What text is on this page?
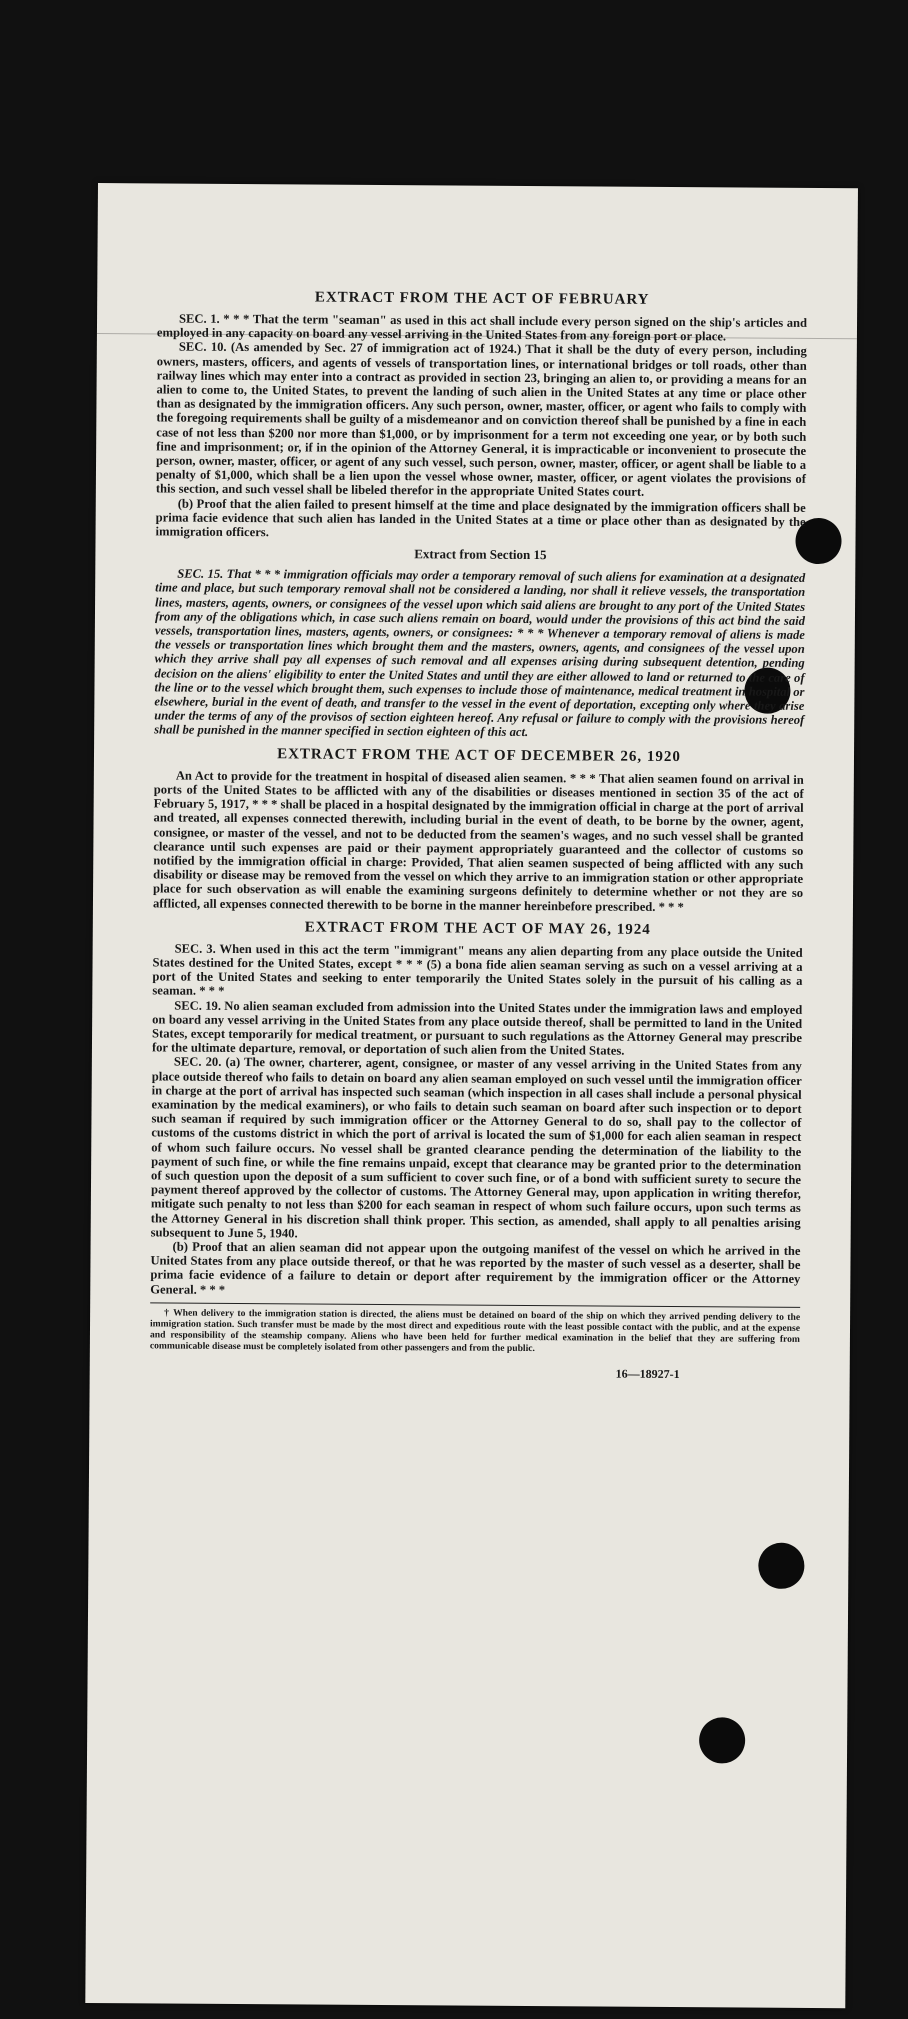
EXTRACT FROM THE ACT OF FEBRUARY

SEC. 1. * * * That the term "seaman" as used in this act shall include every person signed on the ship's articles and employed in any capacity on board any vessel arriving in the United States from any foreign port or place.

SEC. 10. (As amended by Sec. 27 of immigration act of 1924.) That it shall be the duty of every person, including owners, masters, officers, and agents of vessels of transportation lines, or international bridges or toll roads, other than railway lines which may enter into a contract as provided in section 23, bringing an alien to, or providing a means for an alien to come to, the United States, to prevent the landing of such alien in the United States at any time or place other than as designated by the immigration officers. Any such person, owner, master, officer, or agent who fails to comply with the foregoing requirements shall be guilty of a misdemeanor and on conviction thereof shall be punished by a fine in each case of not less than $200 nor more than $1,000, or by imprisonment for a term not exceeding one year, or by both such fine and imprisonment; or, if in the opinion of the Attorney General, it is impracticable or inconvenient to prosecute the person, owner, master, officer, or agent of any such vessel, such person, owner, master, officer, or agent shall be liable to a penalty of $1,000, which shall be a lien upon the vessel whose owner, master, officer, or agent violates the provisions of this section, and such vessel shall be libeled therefor in the appropriate United States court.

(b) Proof that the alien failed to present himself at the time and place designated by the immigration officers shall be prima facie evidence that such alien has landed in the United States at a time or place other than as designated by the immigration officers.

Extract from Section 15

SEC. 15. That * * * immigration officials may order a temporary removal of such aliens for examination at a designated time and place, but such temporary removal shall not be considered a landing, nor shall it relieve vessels, the transportation lines, masters, agents, owners, or consignees of the vessel upon which said aliens are brought to any port of the United States from any of the obligations which, in case such aliens remain on board, would under the provisions of this act bind the said vessels, transportation lines, masters, agents, owners, or consignees: * * * Whenever a temporary removal of aliens is made the vessels or transportation lines which brought them and the masters, owners, agents, and consignees of the vessel upon which they arrive shall pay all expenses of such removal and all expenses arising during subsequent detention, pending decision on the aliens' eligibility to enter the United States and until they are either allowed to land or returned to the care of the line or to the vessel which brought them, such expenses to include those of maintenance, medical treatment in hospital or elsewhere, burial in the event of death, and transfer to the vessel in the event of deportation, excepting only where they arise under the terms of any of the provisos of section eighteen hereof. Any refusal or failure to comply with the provisions hereof shall be punished in the manner specified in section eighteen of this act.

EXTRACT FROM THE ACT OF DECEMBER 26, 1920

An Act to provide for the treatment in hospital of diseased alien seamen. * * * That alien seamen found on arrival in ports of the United States to be afflicted with any of the disabilities or diseases mentioned in section 35 of the act of February 5, 1917, * * * shall be placed in a hospital designated by the immigration official in charge at the port of arrival and treated, all expenses connected therewith, including burial in the event of death, to be borne by the owner, agent, consignee, or master of the vessel, and not to be deducted from the seamen's wages, and no such vessel shall be granted clearance until such expenses are paid or their payment appropriately guaranteed and the collector of customs so notified by the immigration official in charge: Provided, That alien seamen suspected of being afflicted with any such disability or disease may be removed from the vessel on which they arrive to an immigration station or other appropriate place for such observation as will enable the examining surgeons definitely to determine whether or not they are so afflicted, all expenses connected therewith to be borne in the manner hereinbefore prescribed. * * *

EXTRACT FROM THE ACT OF MAY 26, 1924

SEC. 3. When used in this act the term "immigrant" means any alien departing from any place outside the United States destined for the United States, except * * * (5) a bona fide alien seaman serving as such on a vessel arriving at a port of the United States and seeking to enter temporarily the United States solely in the pursuit of his calling as a seaman. * * *

SEC. 19. No alien seaman excluded from admission into the United States under the immigration laws and employed on board any vessel arriving in the United States from any place outside thereof, shall be permitted to land in the United States, except temporarily for medical treatment, or pursuant to such regulations as the Attorney General may prescribe for the ultimate departure, removal, or deportation of such alien from the United States.

SEC. 20. (a) The owner, charterer, agent, consignee, or master of any vessel arriving in the United States from any place outside thereof who fails to detain on board any alien seaman employed on such vessel until the immigration officer in charge at the port of arrival has inspected such seaman (which inspection in all cases shall include a personal physical examination by the medical examiners), or who fails to detain such seaman on board after such inspection or to deport such seaman if required by such immigration officer or the Attorney General to do so, shall pay to the collector of customs of the customs district in which the port of arrival is located the sum of $1,000 for each alien seaman in respect of whom such failure occurs. No vessel shall be granted clearance pending the determination of the liability to the payment of such fine, or while the fine remains unpaid, except that clearance may be granted prior to the determination of such question upon the deposit of a sum sufficient to cover such fine, or of a bond with sufficient surety to secure the payment thereof approved by the collector of customs. The Attorney General may, upon application in writing therefor, mitigate such penalty to not less than $200 for each seaman in respect of whom such failure occurs, upon such terms as the Attorney General in his discretion shall think proper. This section, as amended, shall apply to all penalties arising subsequent to June 5, 1940.

(b) Proof that an alien seaman did not appear upon the outgoing manifest of the vessel on which he arrived in the United States from any place outside thereof, or that he was reported by the master of such vessel as a deserter, shall be prima facie evidence of a failure to detain or deport after requirement by the immigration officer or the Attorney General. * * *

† When delivery to the immigration station is directed, the aliens must be detained on board of the ship on which they arrived pending delivery to the immigration station. Such transfer must be made by the most direct and expeditious route with the least possible contact with the public, and at the expense and responsibility of the steamship company. Aliens who have been held for further medical examination in the belief that they are suffering from communicable disease must be completely isolated from other passengers and from the public.

16—18927-1
